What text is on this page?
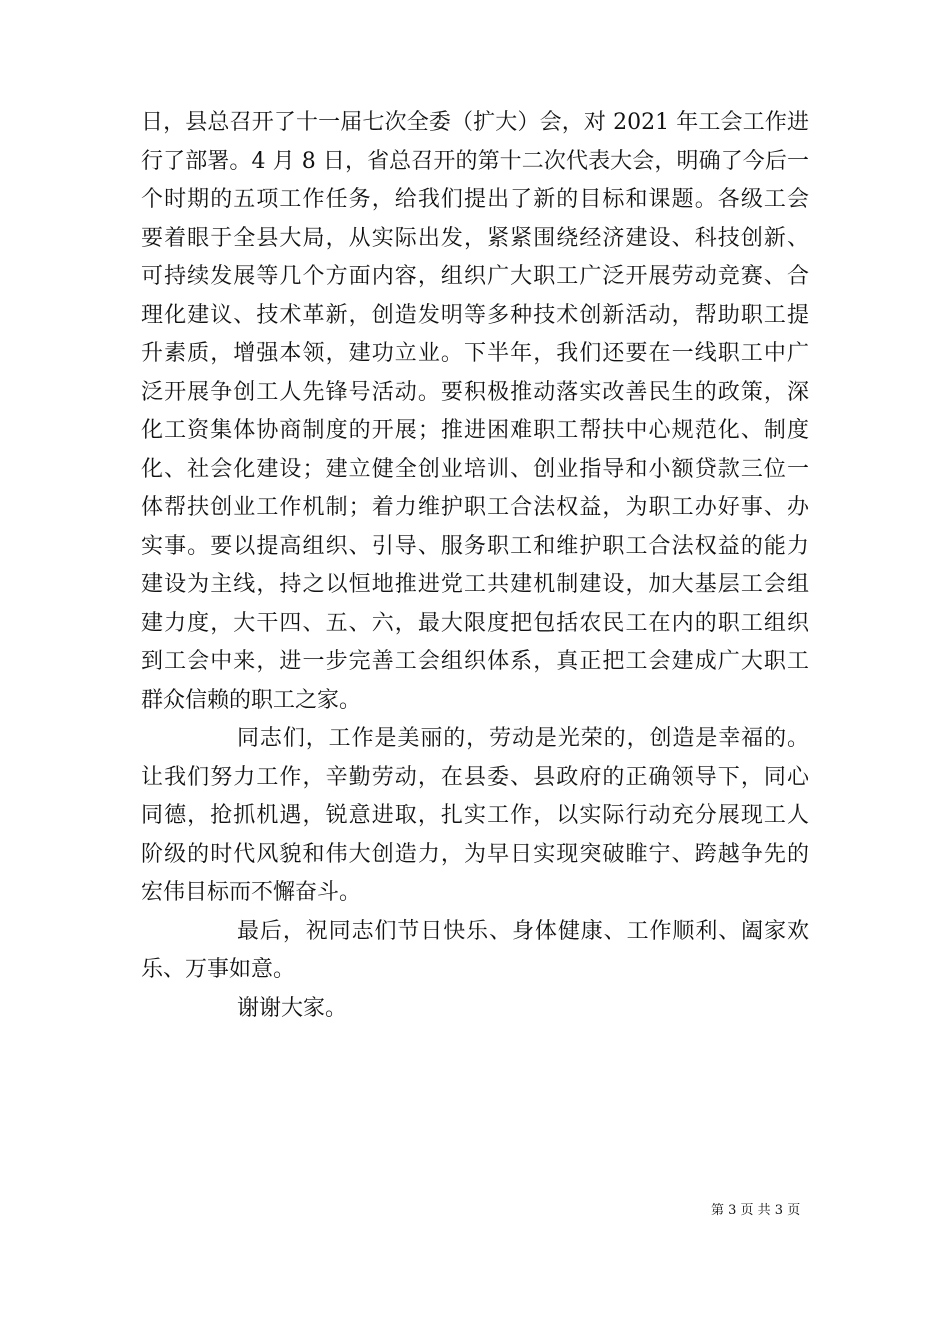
日，县总召开了十一届七次全委（扩大）会，对 2021 年工会工作进
行了部署。4 月 8 日，省总召开的第十二次代表大会，明确了今后一
个时期的五项工作任务，给我们提出了新的目标和课题。各级工会
要着眼于全县大局，从实际出发，紧紧围绕经济建设、科技创新、
可持续发展等几个方面内容，组织广大职工广泛开展劳动竞赛、合
理化建议、技术革新，创造发明等多种技术创新活动，帮助职工提
升素质，增强本领，建功立业。下半年，我们还要在一线职工中广
泛开展争创工人先锋号活动。要积极推动落实改善民生的政策，深
化工资集体协商制度的开展；推进困难职工帮扶中心规范化、制度
化、社会化建设；建立健全创业培训、创业指导和小额贷款三位一
体帮扶创业工作机制；着力维护职工合法权益，为职工办好事、办
实事。要以提高组织、引导、服务职工和维护职工合法权益的能力
建设为主线，持之以恒地推进党工共建机制建设，加大基层工会组
建力度，大干四、五、六，最大限度把包括农民工在内的职工组织
到工会中来，进一步完善工会组织体系，真正把工会建成广大职工
群众信赖的职工之家。
同志们，工作是美丽的，劳动是光荣的，创造是幸福的。
让我们努力工作，辛勤劳动，在县委、县政府的正确领导下，同心
同德，抢抓机遇，锐意进取，扎实工作，以实际行动充分展现工人
阶级的时代风貌和伟大创造力，为早日实现突破睢宁、跨越争先的
宏伟目标而不懈奋斗。
最后，祝同志们节日快乐、身体健康、工作顺利、阖家欢
乐、万事如意。
谢谢大家。
第 3 页 共 3 页
